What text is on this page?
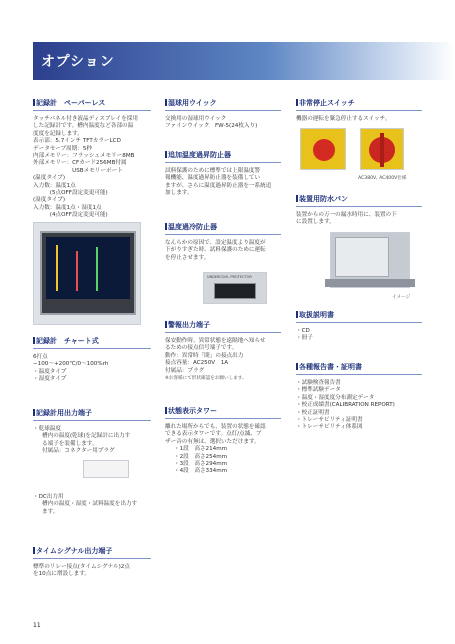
オプション
記録計　ペーパーレス
タッチパネル付き液晶ディスプレイを採用
した記録計です。槽内温度など各部の温
度度を記録します。
表示部：5.7インチ TFTカラーLCD
データセーブ周期：5秒
内部メモリー：フラッシュメモリー8MB
外部メモリー：CFカード256MB付属
　　　　　　　USBメモリーポート
(温度タイプ)
入力数：温度1点
　　　(5点OFF設定変更可能)
(湿度タイプ)
入力数：温度1点・湿度1点
　　　(4点OFF設定変更可能)
記録計　チャート式
6打点
−100〜+200℃/0〜100%rh
・ 温度タイプ
・ 湿度タイプ
記録計用出力端子
・ 乾球温度
槽内の温度(乾球)を記録計に出力す
る端子を装備します。
付属品：コネクター用プラグ
・ DC出力用
槽内の温度・湿度・試料温度を出力す
ます。
タイムシグナル出力端子
標準のリレー接点(タイムシグナル)2点
を10点に増設します。
湿球用ウイック
交換用の湿球用ウイック
ファインウイック　FW-5(24枚入り)
追加温度過昇防止器
試料保護のために標準では上限温度警
報機能、温度過昇防止器を装備してい
ますが、さらに温度過昇防止器を一系統追
加します。
温度過冷防止器
なんらかの原因で、設定温度より温度が
下がりすぎた時、試料保護のために運転
を停止させます。
UNDERCOOL PROTECTOR
警報出力端子
保安動作時、異常状態を遠隔地へ知らせ
るための接点信号端子です。
動作：異常時「閉」の接点出力
接点容量：AC250V　1A
付属品：プラグ
※お客様にて形状確認をお願いします。
状態表示タワー
離れた場所からでも、装置の状態を確認
できる表示タワーです。点灯/点滅、ブ
ザー音の有無は、選択いただけます。
・ 1段　高さ214mm
・ 2段　高さ254mm
・ 3段　高さ294mm
・ 4段　高さ334mm
非常停止スイッチ
機器の運転を緊急停止するスイッチ。
AC380V, AC400V仕様
装置用防水パン
装置からの万一の漏水時用に、装置の下
に設置します。
イメージ
取扱説明書
・ CD
・ 冊子
各種報告書・証明書
・ 試験検査報告書
・ 標準試験データ
・ 温度・湿度度分布測定データ
・ 校正成績書(CALIBRATION REPORT)
・ 校正証明書
・ トレーサビリティ証明書
・ トレーサビリティ体系図
11
